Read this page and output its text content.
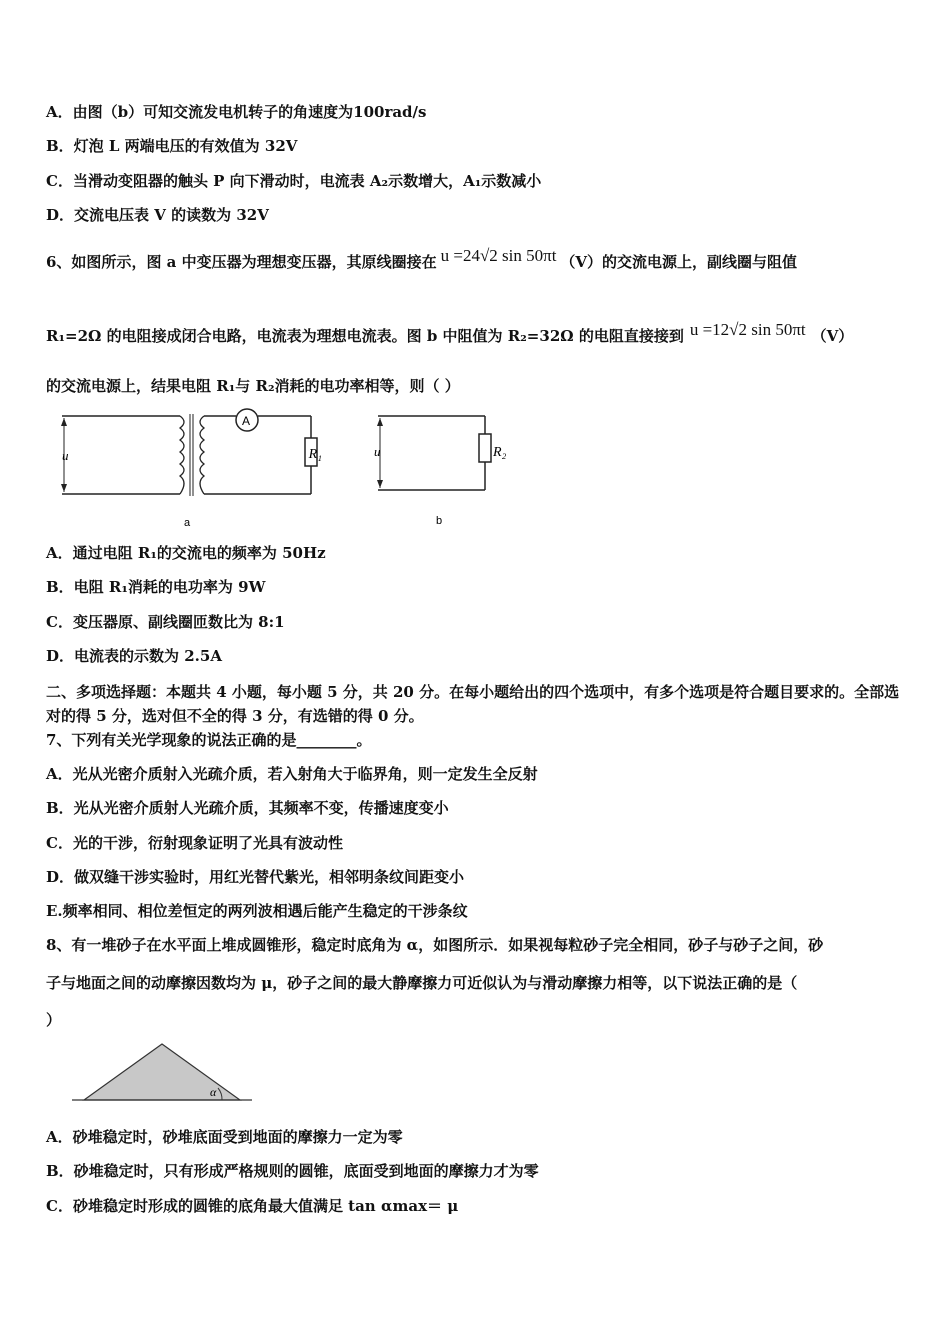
A．由图（b）可知交流发电机转子的角速度为100rad/s
B．灯泡 L 两端电压的有效值为 32V
C．当滑动变阻器的触头 P 向下滑动时，电流表 A₂示数增大，A₁示数减小
D．交流电压表 V 的读数为 32V
6、如图所示，图 a 中变压器为理想变压器，其原线圈接在 u =24√2 sin 50πt （V）的交流电源上，副线圈与阻值
R₁=2Ω 的电阻接成闭合电路，电流表为理想电流表。图 b 中阻值为 R₂=32Ω 的电阻直接接到 u =12√2 sin 50πt （V）
的交流电源上，结果电阻 R₁与 R₂消耗的电功率相等，则（ ）
u
A
R₁
a
u	R₂
b
A．通过电阻 R₁的交流电的频率为 50Hz
B．电阻 R₁消耗的电功率为 9W
C．变压器原、副线圈匝数比为 8:1
D．电流表的示数为 2.5A
二、多项选择题：本题共 4 小题，每小题 5 分，共 20 分。在每小题给出的四个选项中，有多个选项是符合题目要求的。全部选对的得 5 分，选对但不全的得 3 分，有选错的得 0 分。
7、下列有关光学现象的说法正确的是________。
A．光从光密介质射入光疏介质，若入射角大于临界角，则一定发生全反射
B．光从光密介质射人光疏介质，其频率不变，传播速度变小
C．光的干涉，衍射现象证明了光具有波动性
D．做双缝干涉实验时，用红光替代紫光，相邻明条纹间距变小
E.频率相同、相位差恒定的两列波相遇后能产生稳定的干涉条纹
8、有一堆砂子在水平面上堆成圆锥形，稳定时底角为 α，如图所示．如果视每粒砂子完全相同，砂子与砂子之间，砂
子与地面之间的动摩擦因数均为 μ，砂子之间的最大静摩擦力可近似认为与滑动摩擦力相等，以下说法正确的是（
）
α
A．砂堆稳定时，砂堆底面受到地面的摩擦力一定为零
B．砂堆稳定时，只有形成严格规则的圆锥，底面受到地面的摩擦力才为零
C．砂堆稳定时形成的圆锥的底角最大值满足 tan αmax＝ μ
